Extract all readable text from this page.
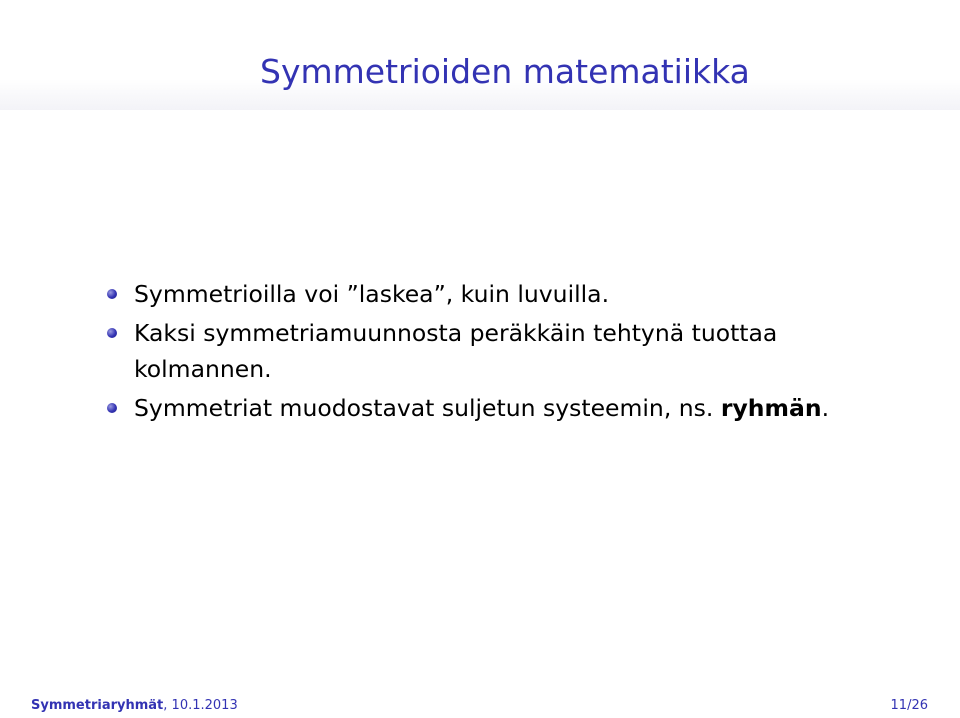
Symmetrioiden matematiikka
Symmetrioilla voi ”laskea”, kuin luvuilla.
Kaksi symmetriamuunnosta peräkkäin tehtynä tuottaa kolmannen.
Symmetriat muodostavat suljetun systeemin, ns. ryhmän.
Symmetriaryhmät, 10.1.2013	11/26
